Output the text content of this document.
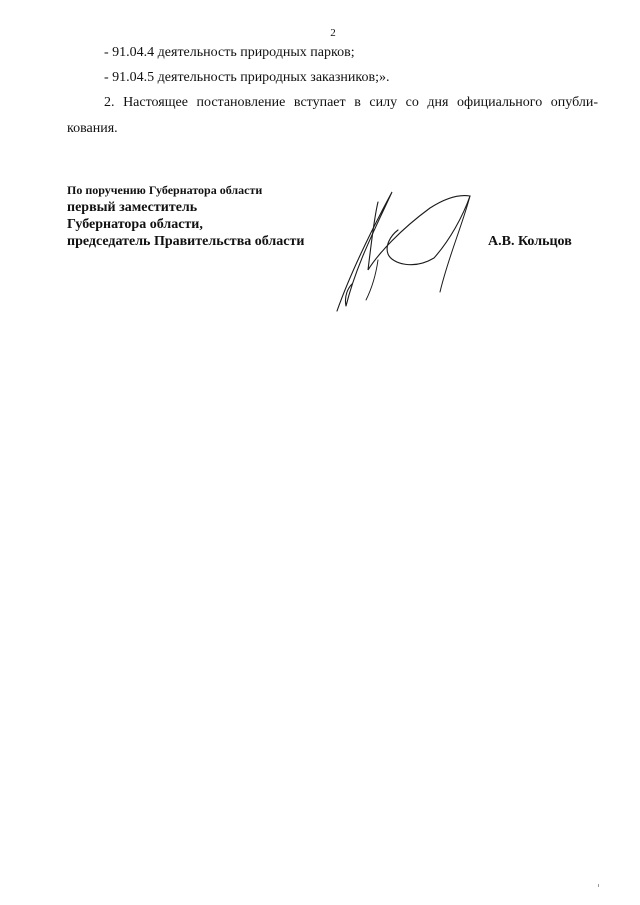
2
- 91.04.4 деятельность природных парков;
- 91.04.5 деятельность природных заказников;».
2. Настоящее постановление вступает в силу со дня официального опубли-
кования.
По поручению Губернатора области
первый заместитель
Губернатора области,
председатель Правительства области	А.В. Кольцов
